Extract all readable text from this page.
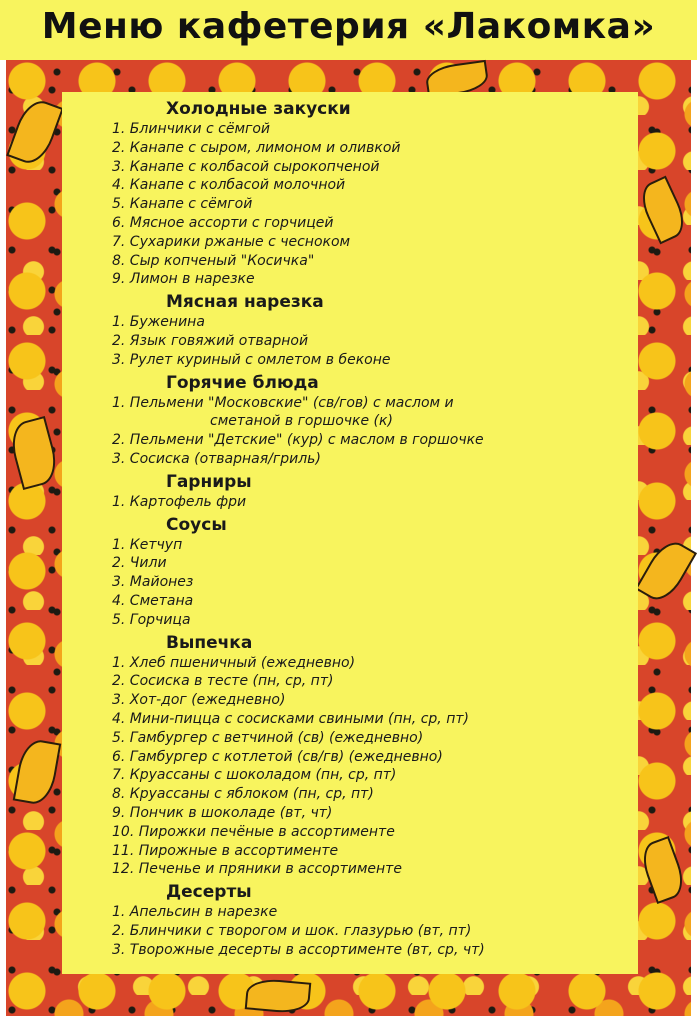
Меню кафетерия «Лакомка»
Холодные закуски
1. Блинчики с сёмгой
2. Канапе с сыром, лимоном и оливкой
3. Канапе с колбасой сырокопченой
4. Канапе с колбасой молочной
5. Канапе с сёмгой
6. Мясное ассорти с горчицей
7. Сухарики ржаные с чесноком
8. Сыр копченый "Косичка"
9. Лимон в нарезке
Мясная нарезка
1. Буженина
2. Язык говяжий отварной
3. Рулет куриный с омлетом в беконе
Горячие блюда
1. Пельмени "Московские" (св/гов) с маслом и
сметаной в горшочке (к)
2. Пельмени "Детские" (кур) с маслом в горшочке
3. Сосиска (отварная/гриль)
Гарниры
1. Картофель фри
Соусы
1. Кетчуп
2. Чили
3. Майонез
4. Сметана
5. Горчица
Выпечка
1. Хлеб пшеничный (ежедневно)
2. Сосиска в тесте (пн, ср, пт)
3. Хот-дог (ежедневно)
4. Мини-пицца с сосисками свиными (пн, ср, пт)
5. Гамбургер с ветчиной (св) (ежедневно)
6. Гамбургер с котлетой (св/гв) (ежедневно)
7. Круассаны с шоколадом (пн, ср, пт)
8. Круассаны с яблоком (пн, ср, пт)
9. Пончик в шоколаде (вт, чт)
10. Пирожки печёные в ассортименте
11. Пирожные в ассортименте
12. Печенье и пряники в ассортименте
Десерты
1. Апельсин в нарезке
2. Блинчики с творогом и шок. глазурью (вт, пт)
3. Творожные десерты в ассортименте (вт, ср, чт)
